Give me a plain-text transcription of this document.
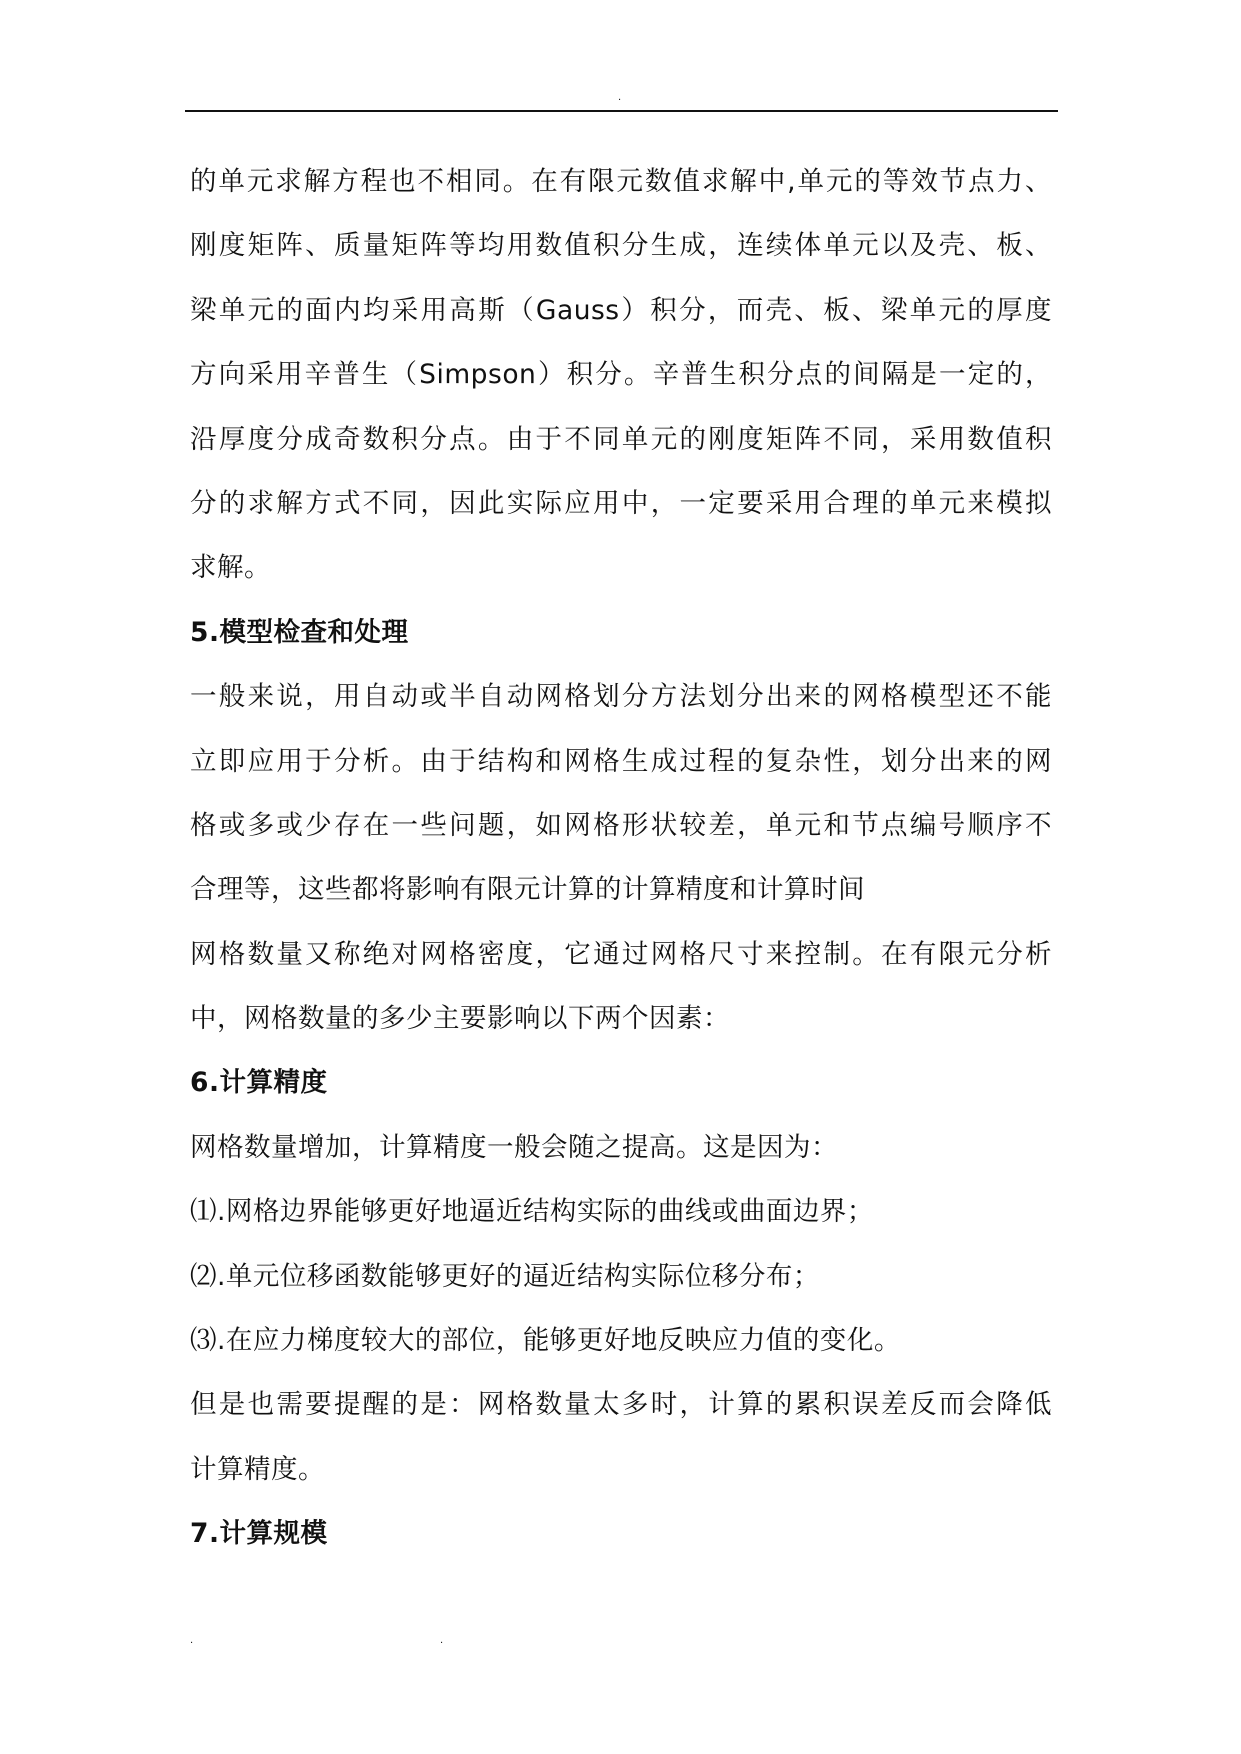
.
的单元求解方程也不相同。在有限元数值求解中,单元的等效节点力、
刚度矩阵、质量矩阵等均用数值积分生成，连续体单元以及壳、板、
梁单元的面内均采用高斯（Gauss）积分，而壳、板、梁单元的厚度
方向采用辛普生（Simpson）积分。辛普生积分点的间隔是一定的，
沿厚度分成奇数积分点。由于不同单元的刚度矩阵不同，采用数值积
分的求解方式不同，因此实际应用中，一定要采用合理的单元来模拟
求解。
5.模型检查和处理
一般来说，用自动或半自动网格划分方法划分出来的网格模型还不能
立即应用于分析。由于结构和网格生成过程的复杂性，划分出来的网
格或多或少存在一些问题，如网格形状较差，单元和节点编号顺序不
合理等，这些都将影响有限元计算的计算精度和计算时间
网格数量又称绝对网格密度，它通过网格尺寸来控制。在有限元分析
中，网格数量的多少主要影响以下两个因素：
6.计算精度
网格数量增加，计算精度一般会随之提高。这是因为：
⑴.网格边界能够更好地逼近结构实际的曲线或曲面边界；
⑵.单元位移函数能够更好的逼近结构实际位移分布；
⑶.在应力梯度较大的部位，能够更好地反映应力值的变化。
但是也需要提醒的是：网格数量太多时，计算的累积误差反而会降低
计算精度。
7.计算规模
.	.
